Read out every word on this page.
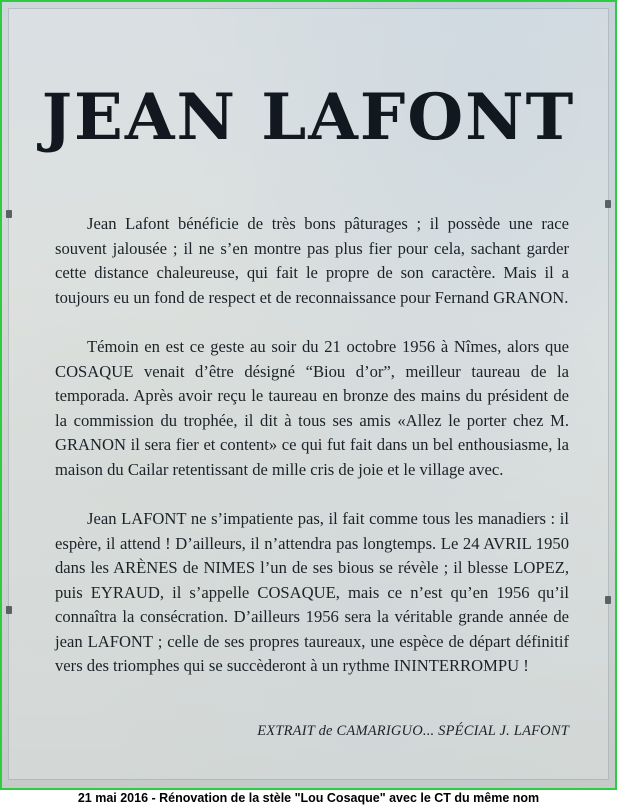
JEAN LAFONT

Jean Lafont bénéficie de très bons pâturages ; il possède une race souvent jalousée ; il ne s’en montre pas plus fier pour cela, sachant garder cette distance chaleureuse, qui fait le propre de son caractère. Mais il a toujours eu un fond de respect et de reconnaissance pour Fernand GRANON.

Témoin en est ce geste au soir du 21 octobre 1956 à Nîmes, alors que COSAQUE venait d’être désigné “Biou d’or”, meilleur taureau de la temporada. Après avoir reçu le taureau en bronze des mains du président de la commission du trophée, il dit à tous ses amis «Allez le porter chez M. GRANON il sera fier et content» ce qui fut fait dans un bel enthousiasme, la maison du Cailar retentissant de mille cris de joie et le village avec.

Jean LAFONT ne s’impatiente pas, il fait comme tous les manadiers : il espère, il attend ! D’ailleurs, il n’attendra pas longtemps. Le 24 AVRIL 1950 dans les ARÈNES de NIMES l’un de ses bious se révèle ; il blesse LOPEZ, puis EYRAUD, il s’appelle COSAQUE, mais ce n’est qu’en 1956 qu’il connaîtra la consécration. D’ailleurs 1956 sera la véritable grande année de jean LAFONT ; celle de ses propres taureaux, une espèce de départ définitif vers des triomphes qui se succèderont à un rythme ININTERROMPU !

EXTRAIT de CAMARIGUO... SPÉCIAL J. LAFONT
21 mai 2016 - Rénovation de la stèle "Lou Cosaque" avec le CT du même nom
